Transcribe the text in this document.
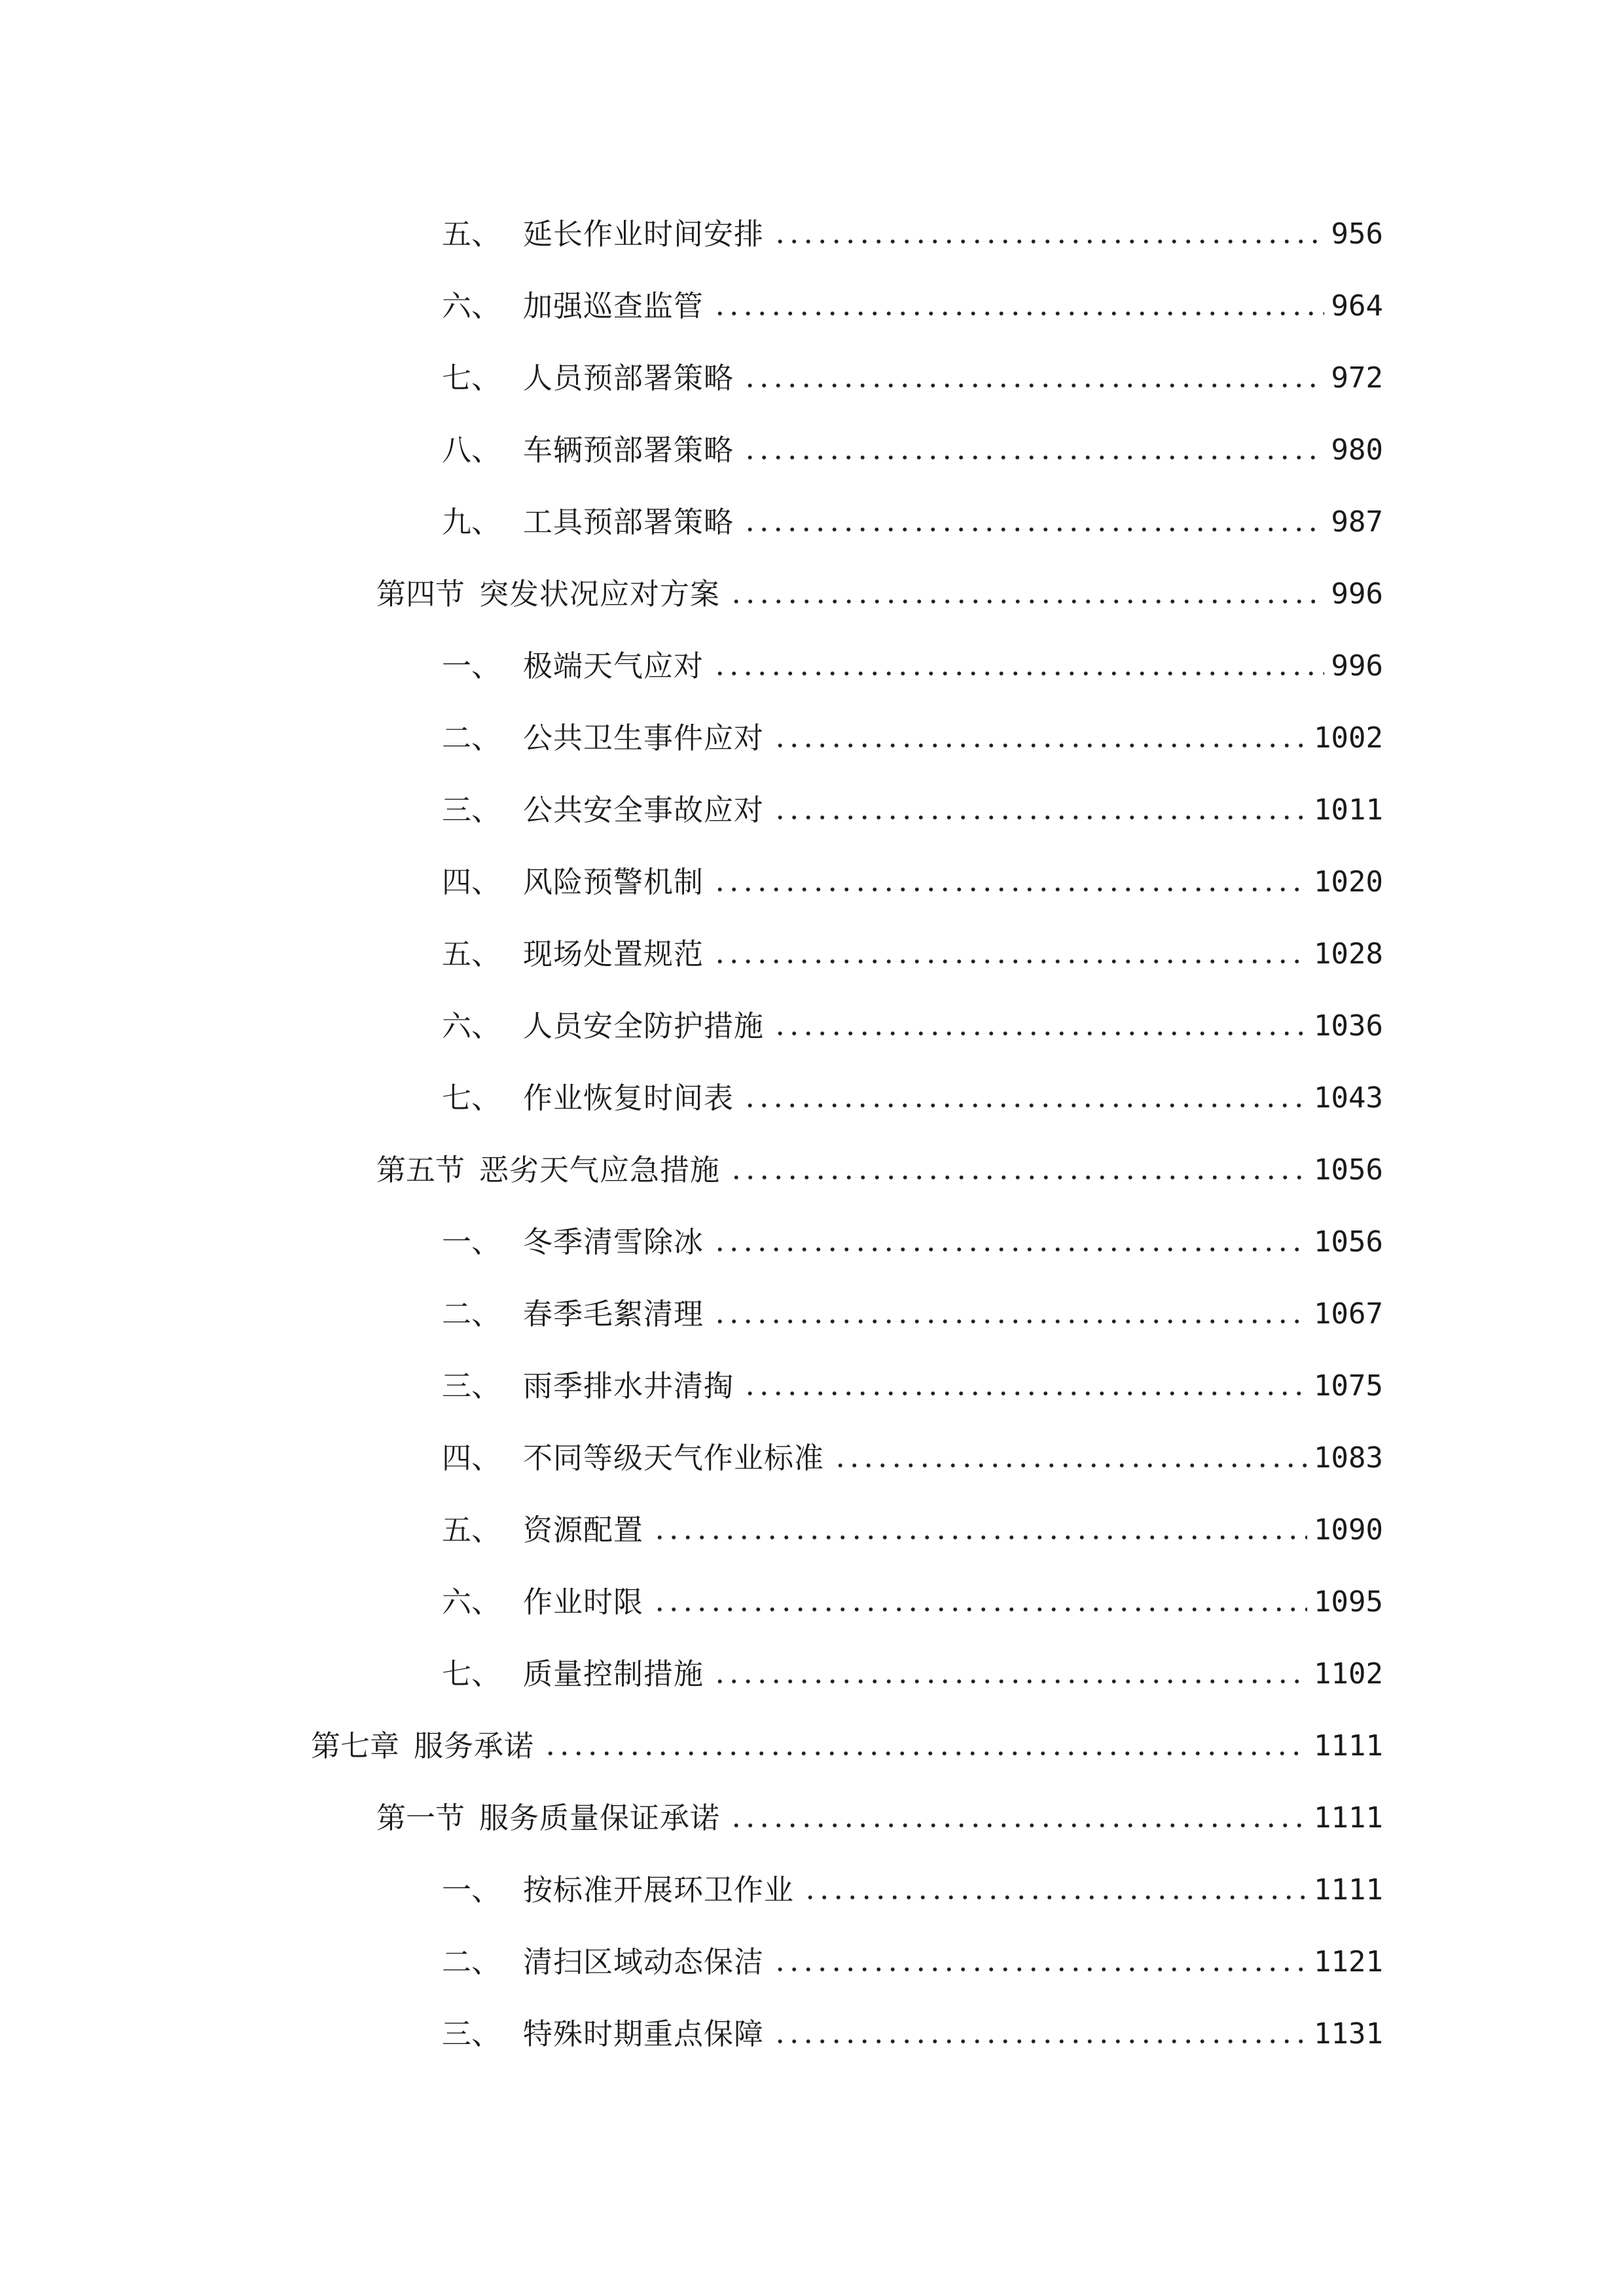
五、 延长作业时间安排	956
六、 加强巡查监管	964
七、 人员预部署策略	972
八、 车辆预部署策略	980
九、 工具预部署策略	987
第四节 突发状况应对方案	996
一、 极端天气应对	996
二、 公共卫生事件应对	1002
三、 公共安全事故应对	1011
四、 风险预警机制	1020
五、 现场处置规范	1028
六、 人员安全防护措施	1036
七、 作业恢复时间表	1043
第五节 恶劣天气应急措施	1056
一、 冬季清雪除冰	1056
二、 春季毛絮清理	1067
三、 雨季排水井清掏	1075
四、 不同等级天气作业标准	1083
五、 资源配置	1090
六、 作业时限	1095
七、 质量控制措施	1102
第七章 服务承诺	1111
第一节 服务质量保证承诺	1111
一、 按标准开展环卫作业	1111
二、 清扫区域动态保洁	1121
三、 特殊时期重点保障	1131
